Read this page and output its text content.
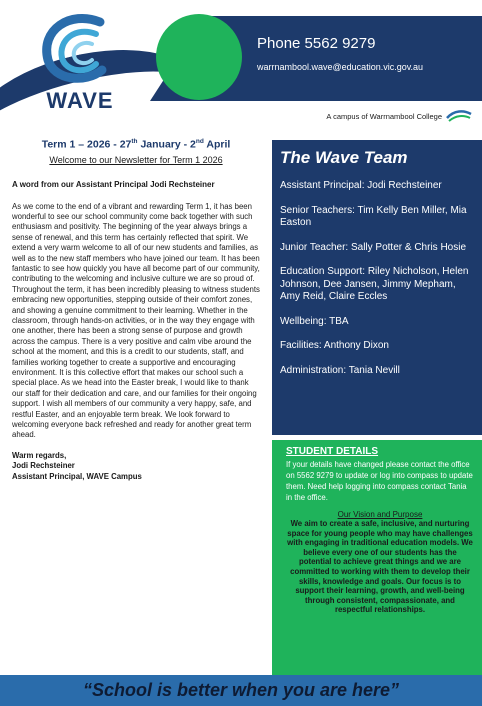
WAVE
Phone 5562 9279
warrnambool.wave@education.vic.gov.au
A campus of Warrnambool College
Term 1 – 2026 - 27th January - 2nd April
Welcome to our Newsletter for Term 1 2026
A word from our Assistant Principal Jodi Rechsteiner
As we come to the end of a vibrant and rewarding Term 1, it has been wonderful to see our school community come back together with such enthusiasm and positivity. The beginning of the year always brings a sense of renewal, and this term has certainly reflected that spirit. We extend a very warm welcome to all of our new students and families, as well as to the new staff members who have joined our team. It has been fantastic to see how quickly you have all become part of our community, contributing to the welcoming and inclusive culture we are so proud of. Throughout the term, it has been incredibly pleasing to witness students embracing new opportunities, stepping outside of their comfort zones, and showing a genuine commitment to their learning. Whether in the classroom, through hands-on activities, or in the way they engage with one another, there has been a strong sense of purpose and growth across the campus. There is a very positive and calm vibe around the school at the moment, and this is a credit to our students, staff, and families working together to create a supportive and encouraging environment. It is this collective effort that makes our school such a special place. As we head into the Easter break, I would like to thank our staff for their dedication and care, and our families for their ongoing support. I wish all members of our community a very happy, safe, and restful Easter, and an enjoyable term break. We look forward to welcoming everyone back refreshed and ready for another great term ahead.
Warm regards,
Jodi Rechsteiner
Assistant Principal, WAVE Campus
The Wave Team
Assistant Principal: Jodi Rechsteiner
Senior Teachers: Tim Kelly Ben Miller, Mia Easton
Junior Teacher: Sally Potter & Chris Hosie
Education Support: Riley Nicholson, Helen Johnson, Dee Jansen, Jimmy Mepham, Amy Reid, Claire Eccles
Wellbeing: TBA
Facilities: Anthony Dixon
Administration: Tania Nevill
STUDENT DETAILS
If your details have changed please contact the office on 5562 9279 to update or log into compass to update them. Need help logging into compass contact Tania in the office.
Our Vision and Purpose
We aim to create a safe, inclusive, and nurturing space for young people who may have challenges with engaging in traditional education models. We believe every one of our students has the potential to achieve great things and we are committed to working with them to develop their skills, knowledge and goals. Our focus is to support their learning, growth, and well-being through consistent, compassionate, and respectful relationships.
“School is better when you are here”
